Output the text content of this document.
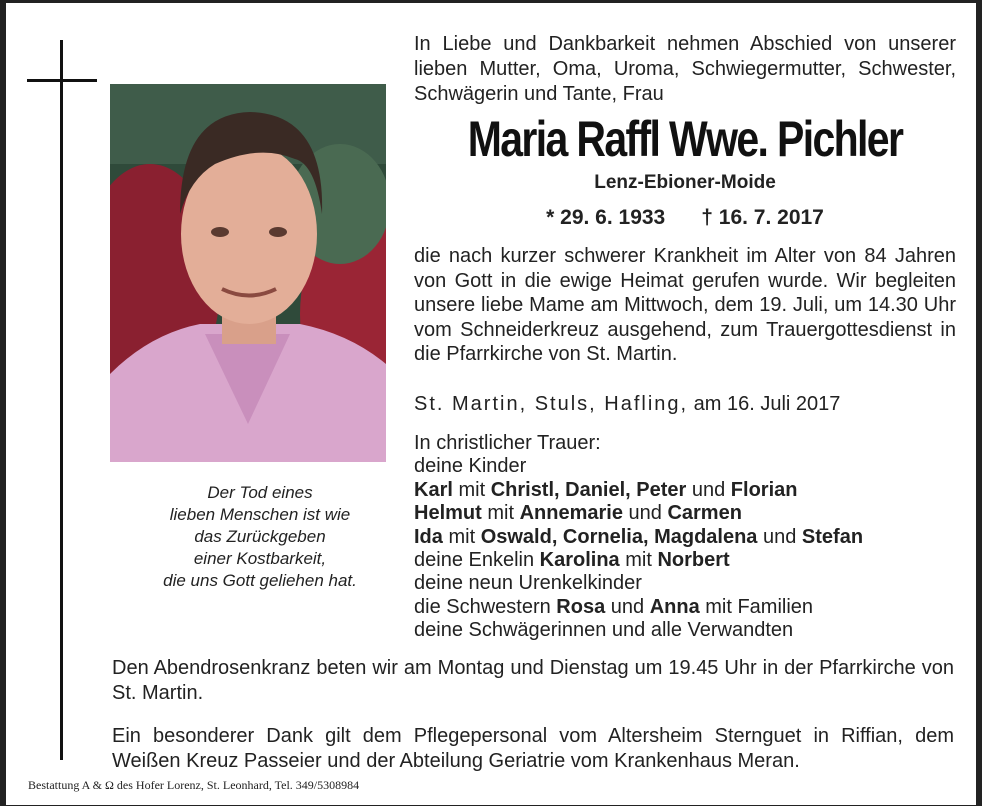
Der Tod eines
lieben Menschen ist wie
das Zurückgeben
einer Kostbarkeit,
die uns Gott geliehen hat.
In Liebe und Dankbarkeit nehmen Abschied von unserer lieben Mutter, Oma, Uroma, Schwiegermutter, Schwester, Schwägerin und Tante, Frau
Maria Raffl Wwe. Pichler
Lenz-Ebioner-Moide
* 29. 6. 1933 † 16. 7. 2017
die nach kurzer schwerer Krankheit im Alter von 84 Jahren von Gott in die ewige Heimat gerufen wurde. Wir begleiten unsere liebe Mame am Mittwoch, dem 19. Juli, um 14.30 Uhr vom Schneiderkreuz ausgehend, zum Trauergottesdienst in die Pfarrkirche von St. Martin.
St. Martin, Stuls, Hafling, am 16. Juli 2017
In christlicher Trauer:
deine Kinder
Karl mit Christl, Daniel, Peter und Florian
Helmut mit Annemarie und Carmen
Ida mit Oswald, Cornelia, Magdalena und Stefan
deine Enkelin Karolina mit Norbert
deine neun Urenkelkinder
die Schwestern Rosa und Anna mit Familien
deine Schwägerinnen und alle Verwandten
Den Abendrosenkranz beten wir am Montag und Dienstag um 19.45 Uhr in der Pfarrkirche von St. Martin.
Ein besonderer Dank gilt dem Pflegepersonal vom Altersheim Sternguet in Riffian, dem Weißen Kreuz Passeier und der Abteilung Geriatrie vom Krankenhaus Meran.
Bestattung A & Ω des Hofer Lorenz, St. Leonhard, Tel. 349/5308984
